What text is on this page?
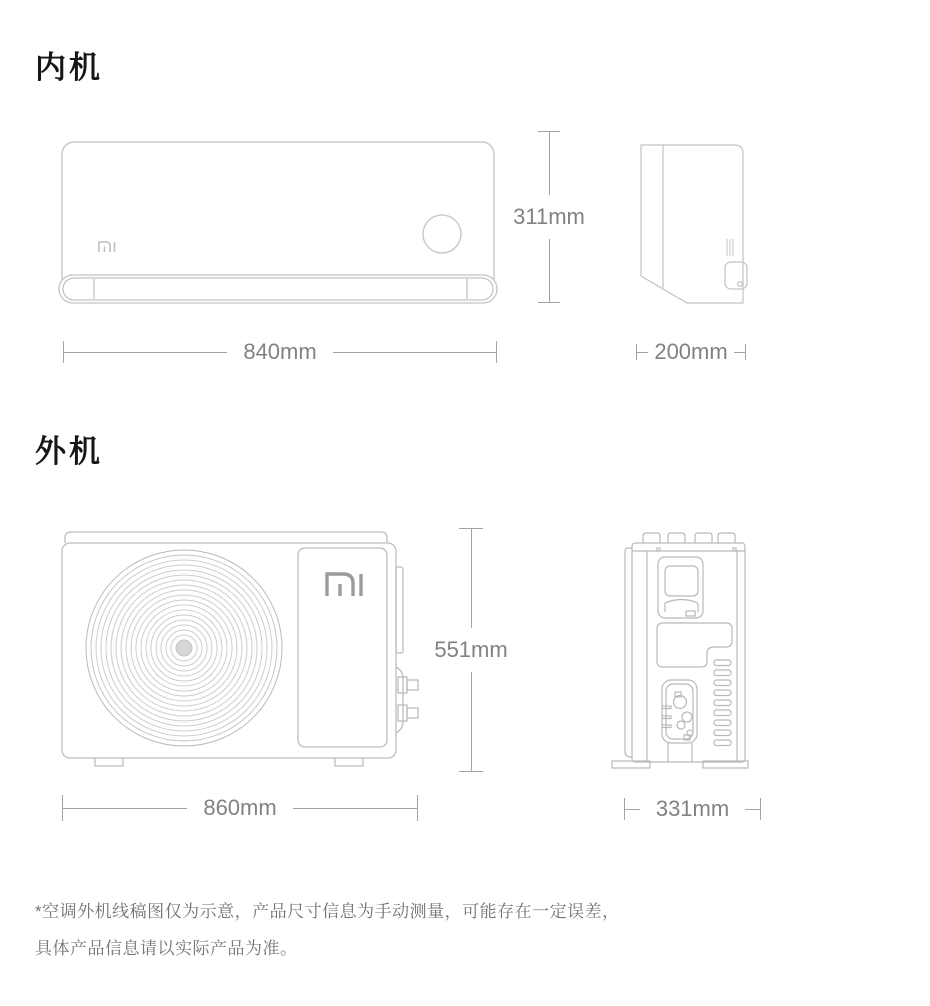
内机
311mm
840mm	200mm
外机
551mm
860mm	331mm
*空调外机线稿图仅为示意，产品尺寸信息为手动测量，可能存在一定误差，
具体产品信息请以实际产品为准。
